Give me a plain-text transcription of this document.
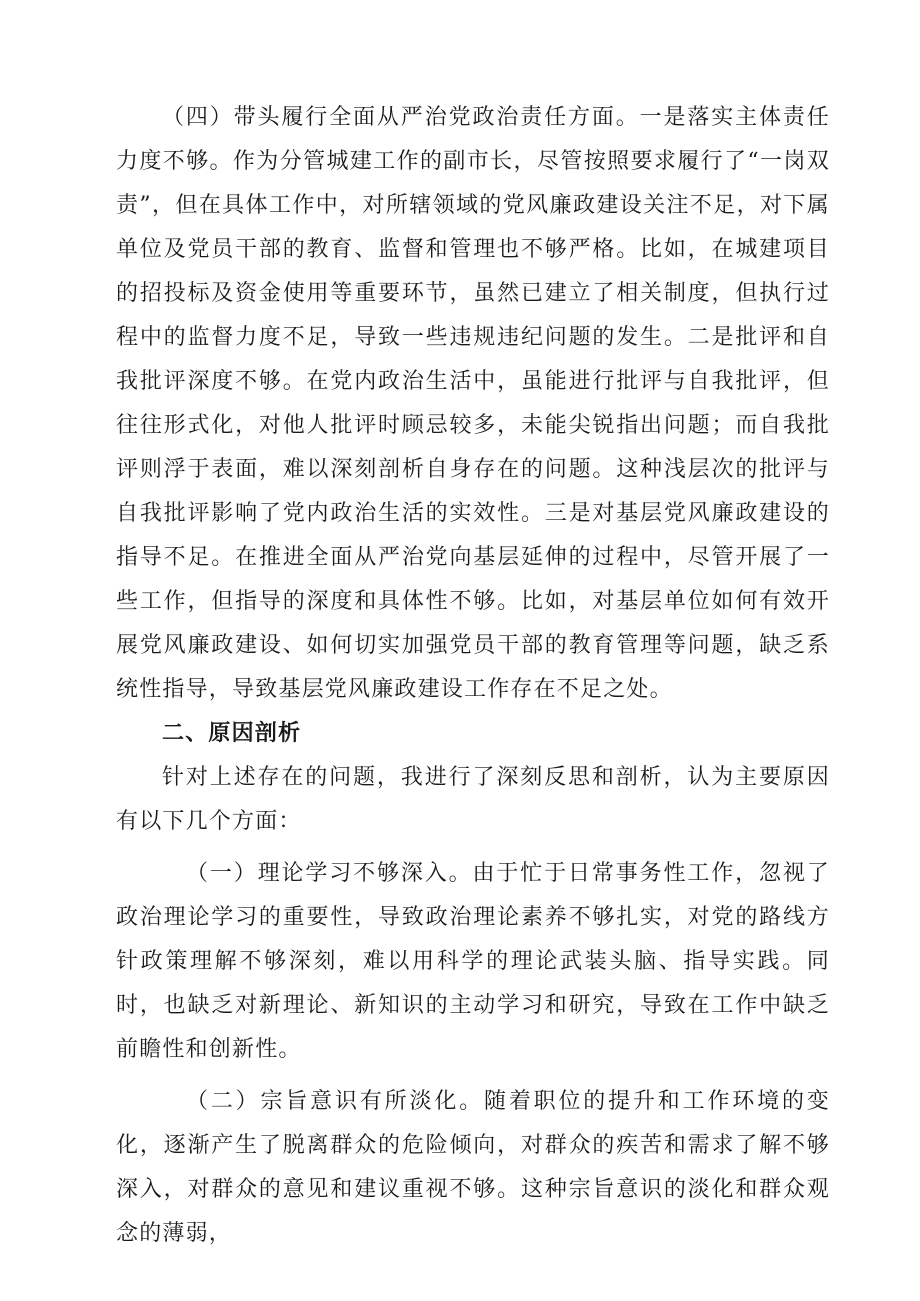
（四）带头履行全面从严治党政治责任方面。一是落实主体责任力度不够。作为分管城建工作的副市长，尽管按照要求履行了“一岗双责”，但在具体工作中，对所辖领域的党风廉政建设关注不足，对下属单位及党员干部的教育、监督和管理也不够严格。比如，在城建项目的招投标及资金使用等重要环节，虽然已建立了相关制度，但执行过程中的监督力度不足，导致一些违规违纪问题的发生。二是批评和自我批评深度不够。在党内政治生活中，虽能进行批评与自我批评，但往往形式化，对他人批评时顾忌较多，未能尖锐指出问题；而自我批评则浮于表面，难以深刻剖析自身存在的问题。这种浅层次的批评与自我批评影响了党内政治生活的实效性。三是对基层党风廉政建设的指导不足。在推进全面从严治党向基层延伸的过程中，尽管开展了一些工作，但指导的深度和具体性不够。比如，对基层单位如何有效开展党风廉政建设、如何切实加强党员干部的教育管理等问题，缺乏系统性指导，导致基层党风廉政建设工作存在不足之处。

二、原因剖析

针对上述存在的问题，我进行了深刻反思和剖析，认为主要原因有以下几个方面：

（一）理论学习不够深入。由于忙于日常事务性工作，忽视了政治理论学习的重要性，导致政治理论素养不够扎实，对党的路线方针政策理解不够深刻，难以用科学的理论武装头脑、指导实践。同时，也缺乏对新理论、新知识的主动学习和研究，导致在工作中缺乏前瞻性和创新性。

（二）宗旨意识有所淡化。随着职位的提升和工作环境的变化，逐渐产生了脱离群众的危险倾向，对群众的疾苦和需求了解不够深入，对群众的意见和建议重视不够。这种宗旨意识的淡化和群众观念的薄弱，
